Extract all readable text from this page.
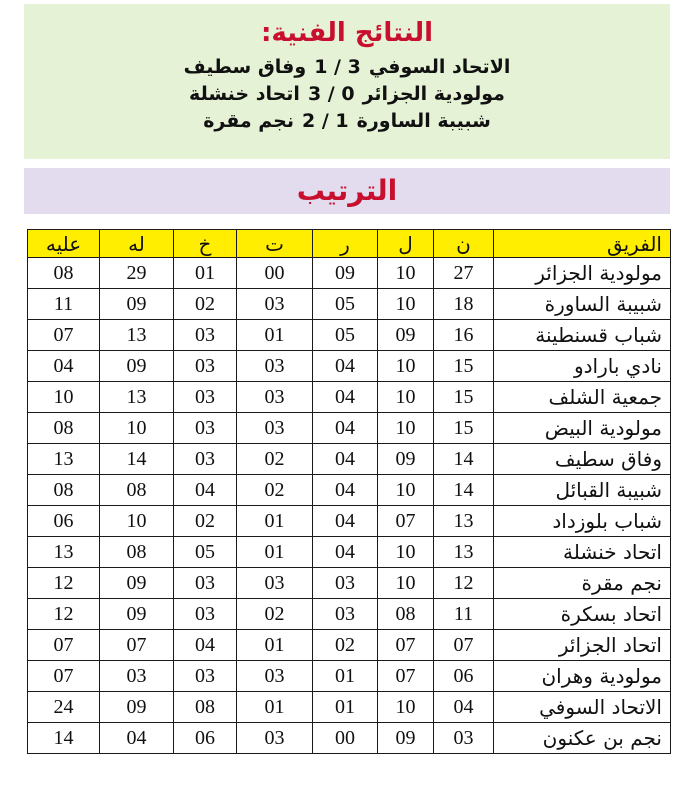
النتائج الفنية:
الاتحاد السوفي1 / 3وفاق سطيف
مولودية الجزائر3 / 0اتحاد خنشلة
شبيبة الساورة2 / 1نجم مقرة
الترتيب
الفريق	ن	ل	ر	ت	خ	له	عليه
مولودية الجزائر	27	10	09	00	01	29	08
شبيبة الساورة	18	10	05	03	02	09	11
شباب قسنطينة	16	09	05	01	03	13	07
نادي بارادو	15	10	04	03	03	09	04
جمعية الشلف	15	10	04	03	03	13	10
مولودية البيض	15	10	04	03	03	10	08
وفاق سطيف	14	09	04	02	03	14	13
شبيبة القبائل	14	10	04	02	04	08	08
شباب بلوزداد	13	07	04	01	02	10	06
اتحاد خنشلة	13	10	04	01	05	08	13
نجم مقرة	12	10	03	03	03	09	12
اتحاد بسكرة	11	08	03	02	03	09	12
اتحاد الجزائر	07	07	02	01	04	07	07
مولودية وهران	06	07	01	03	03	03	07
الاتحاد السوفي	04	10	01	01	08	09	24
نجم بن عكنون	03	09	00	03	06	04	14
